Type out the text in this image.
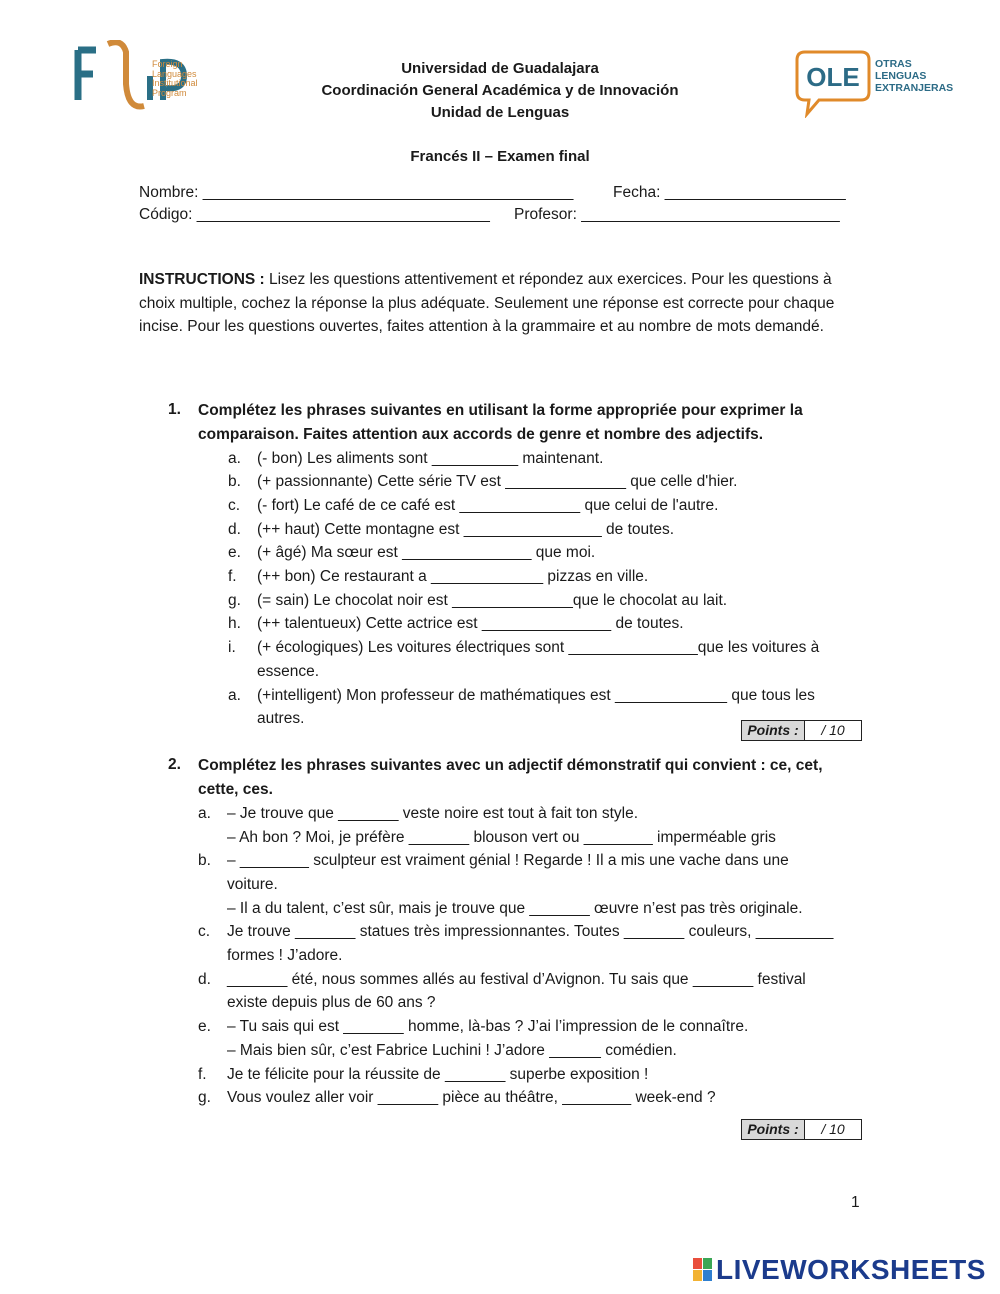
FLIP
Foreign
Languages
Institutional
Program
OLE OTRAS
LENGUAS
EXTRANJERAS
Universidad de Guadalajara
Coordinación General Académica y de Innovación
Unidad de Lenguas
Francés II – Examen final
Nombre: ___________________________________________	Fecha: _____________________
Código: __________________________________ Profesor: ______________________________
INSTRUCTIONS : Lisez les questions attentivement et répondez aux exercices. Pour les questions à choix multiple, cochez la réponse la plus adéquate. Seulement une réponse est correcte pour chaque incise. Pour les questions ouvertes, faites attention à la grammaire et au nombre de mots demandé.
1. Complétez les phrases suivantes en utilisant la forme appropriée pour exprimer la comparaison. Faites attention aux accords de genre et nombre des adjectifs.
a. (- bon) Les aliments sont __________ maintenant.
b. (+ passionnante) Cette série TV est ______________ que celle d'hier.
c. (- fort) Le café de ce café est ______________ que celui de l'autre.
d. (++ haut) Cette montagne est ________________ de toutes.
e. (+ âgé) Ma sœur est _______________ que moi.
f. (++ bon) Ce restaurant a _____________ pizzas en ville.
g. (= sain) Le chocolat noir est ______________que le chocolat au lait.
h. (++ talentueux) Cette actrice est _______________ de toutes.
i. (+ écologiques) Les voitures électriques sont _______________que les voitures à
essence.
a. (+intelligent) Mon professeur de mathématiques est _____________ que tous les
autres.
Points :	/ 10
2. Complétez les phrases suivantes avec un adjectif démonstratif qui convient : ce, cet, cette, ces.
a. – Je trouve que _______ veste noire est tout à fait ton style.
– Ah bon ? Moi, je préfère _______ blouson vert ou ________ imperméable gris
b. – ________ sculpteur est vraiment génial ! Regarde ! Il a mis une vache dans une
voiture.
– Il a du talent, c’est sûr, mais je trouve que _______ œuvre n’est pas très originale.
c. Je trouve _______ statues très impressionnantes. Toutes _______ couleurs, _________
formes ! J’adore.
d. _______ été, nous sommes allés au festival d’Avignon. Tu sais que _______ festival
existe depuis plus de 60 ans ?
e. – Tu sais qui est _______ homme, là-bas ? J’ai l’impression de le connaître.
– Mais bien sûr, c’est Fabrice Luchini ! J’adore ______ comédien.
f. Je te félicite pour la réussite de _______ superbe exposition !
g. Vous voulez aller voir _______ pièce au théâtre, ________ week-end ?
Points :	/ 10
1
LIVEWORKSHEETS
